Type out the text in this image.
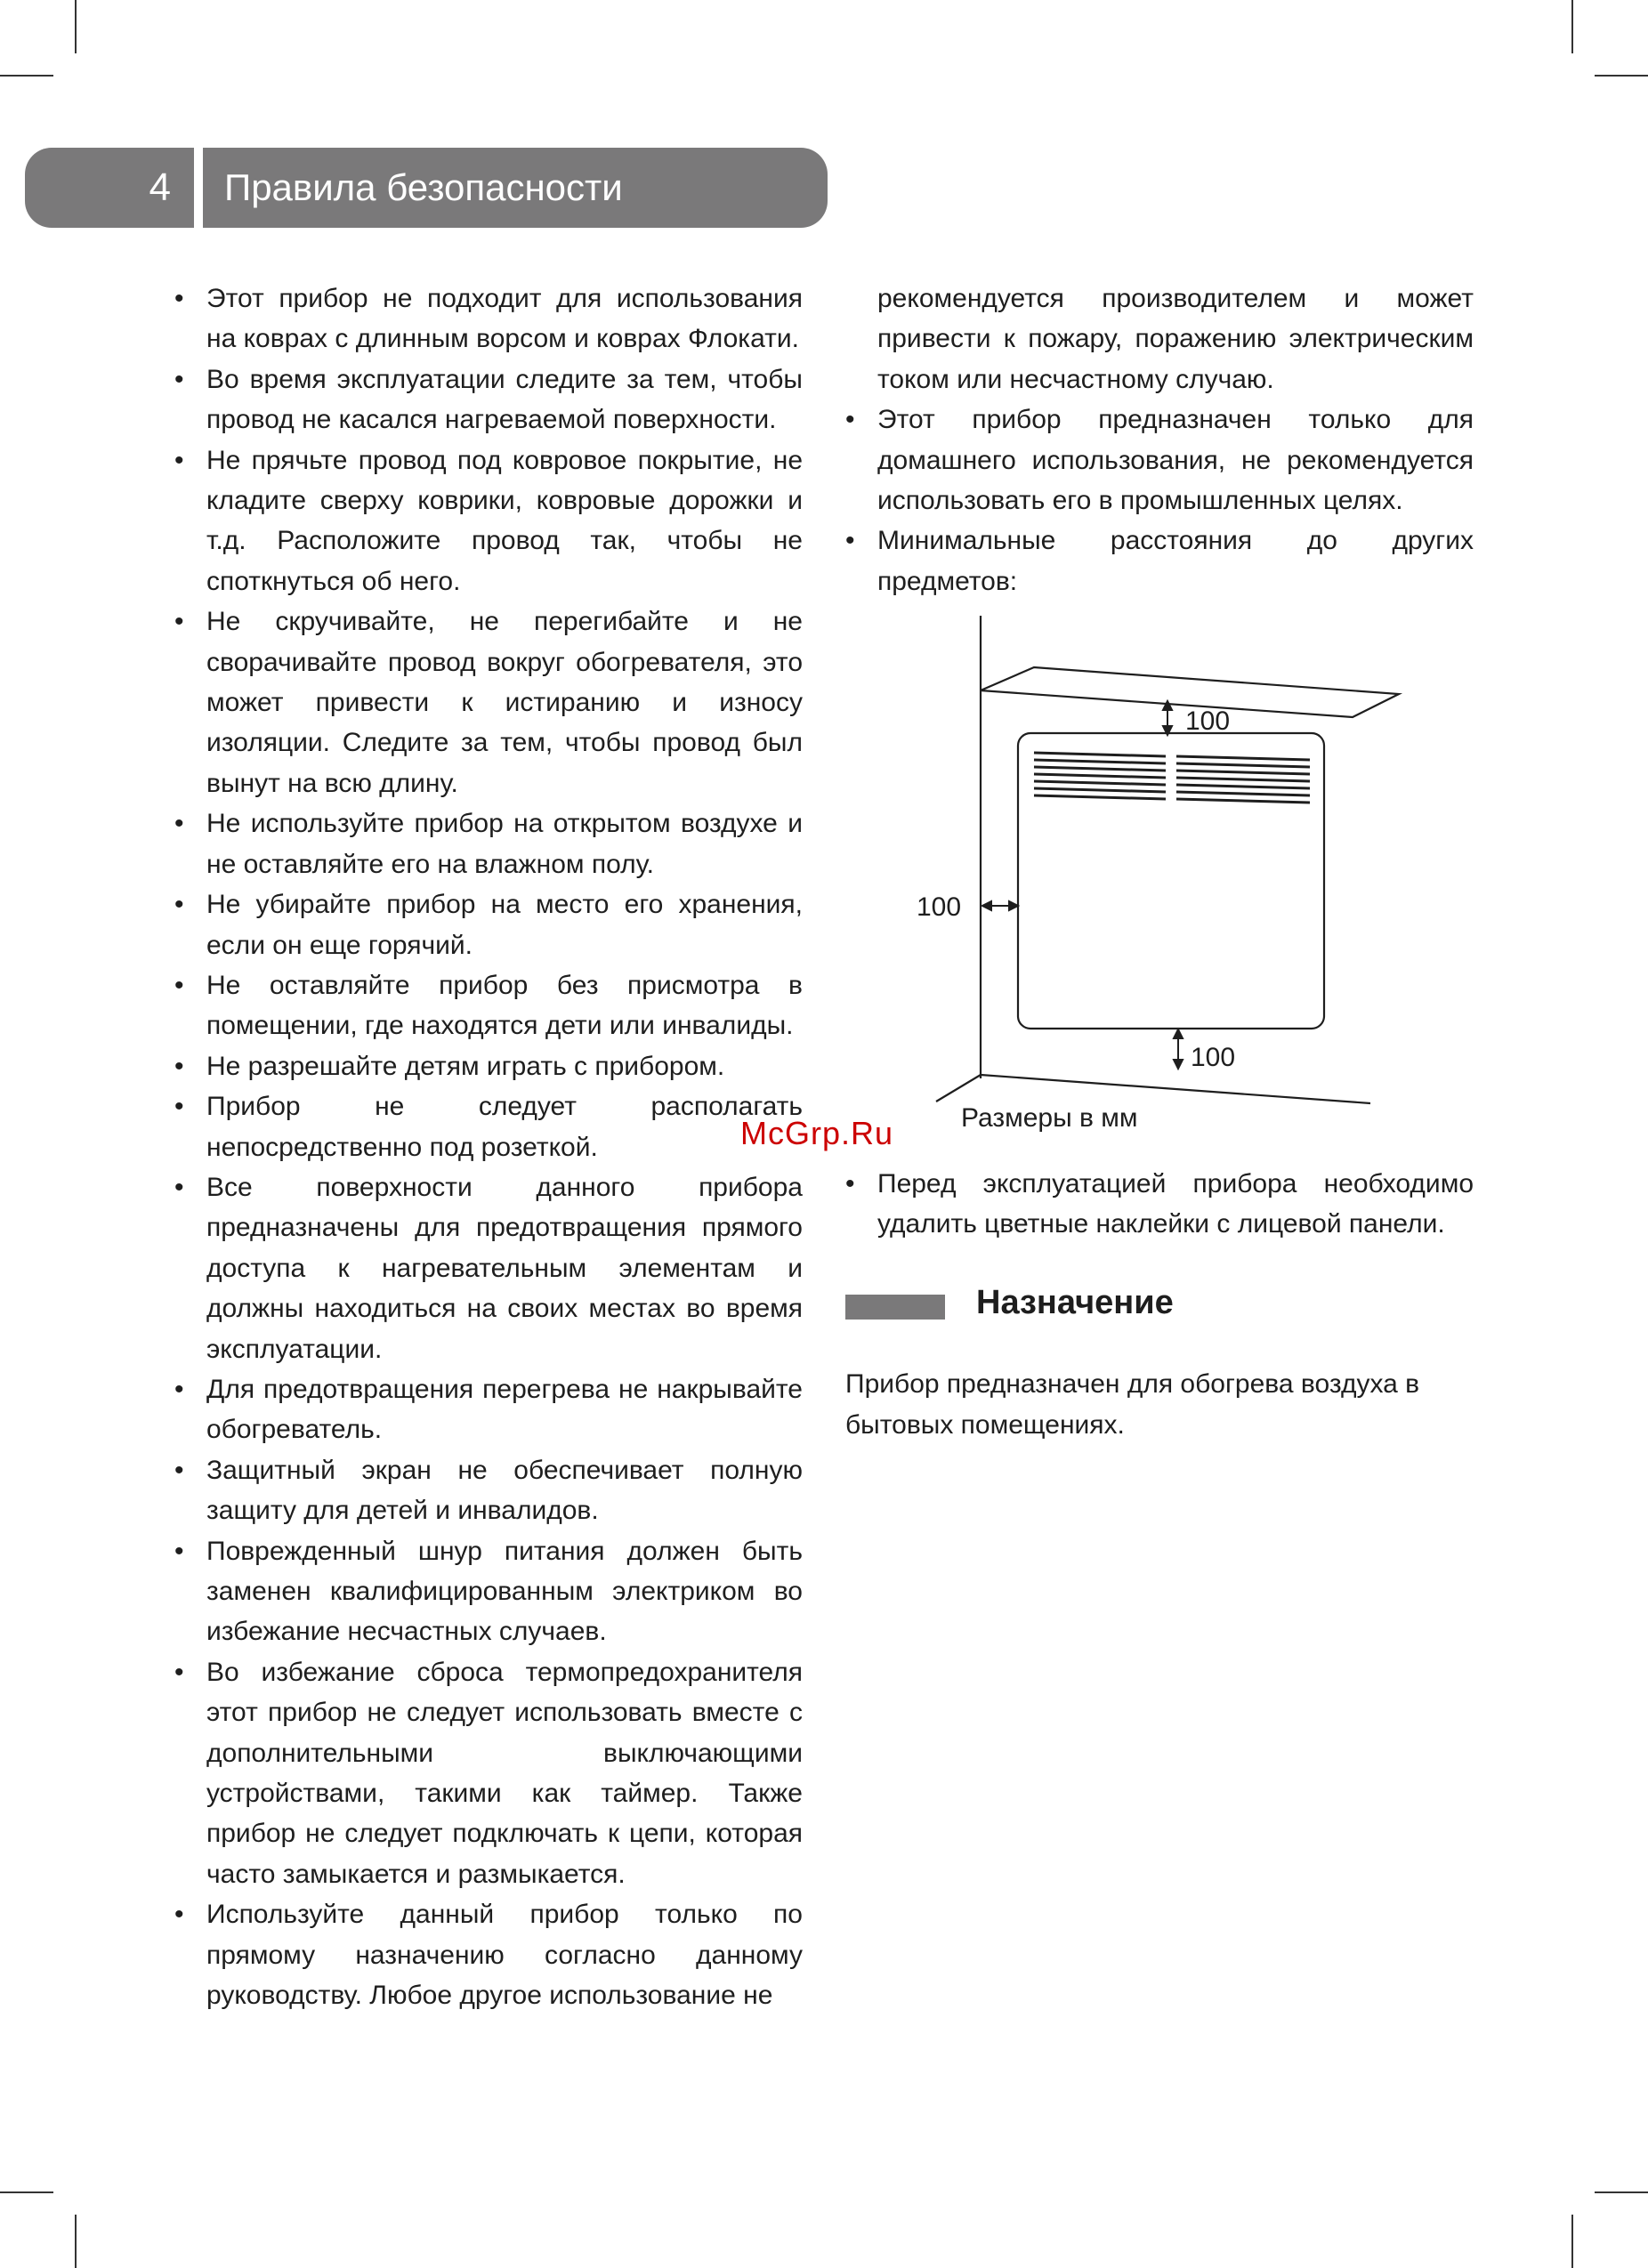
4	Правила безопасности
• Этот прибор не подходит для использования на коврах с длинным ворсом и коврах Флокати.
• Во время эксплуатации следите за тем, чтобы провод не касался нагреваемой поверхности.
• Не прячьте провод под ковровое покрытие, не кладите сверху коврики, ковровые дорожки и т.д. Расположите провод так, чтобы не споткнуться об него.
• Не скручивайте, не перегибайте и не сворачивайте провод вокруг обогревателя, это может привести к истиранию и износу изоляции. Следите за тем, чтобы провод был вынут на всю длину.
• Не используйте прибор на открытом воздухе и не оставляйте его на влажном полу.
• Не убирайте прибор на место его хранения, если он еще горячий.
• Не оставляйте прибор без присмотра в помещении, где находятся дети или инвалиды.
• Не разрешайте детям играть с прибором.
• Прибор не следует располагать непосредственно под розеткой.
• Все поверхности данного прибора предназначены для предотвращения прямого доступа к нагревательным элементам и должны находиться на своих местах во время эксплуатации.
• Для предотвращения перегрева не накрывайте обогреватель.
• Защитный экран не обеспечивает полную защиту для детей и инвалидов.
• Поврежденный шнур питания должен быть заменен квалифицированным электриком во избежание несчастных случаев.
• Во избежание сброса термопредохранителя этот прибор не следует использовать вместе с дополнительными выключающими устройствами, такими как таймер. Также прибор не следует подключать к цепи, которая часто замыкается и размыкается.
• Используйте данный прибор только по прямому назначению согласно данному руководству. Любое другое использование не

рекомендуется производителем и может привести к пожару, поражению электрическим током или несчастному случаю.

• Этот прибор предназначен только для домашнего использования, не рекомендуется использовать его в промышленных целях.
• Минимальные расстояния до других предметов:
100
100
100
Размеры в мм
McGrp.Ru
• Перед эксплуатацией прибора необходимо удалить цветные наклейки с лицевой панели.
Назначение
Прибор предназначен для обогрева воздуха в бытовых помещениях.
